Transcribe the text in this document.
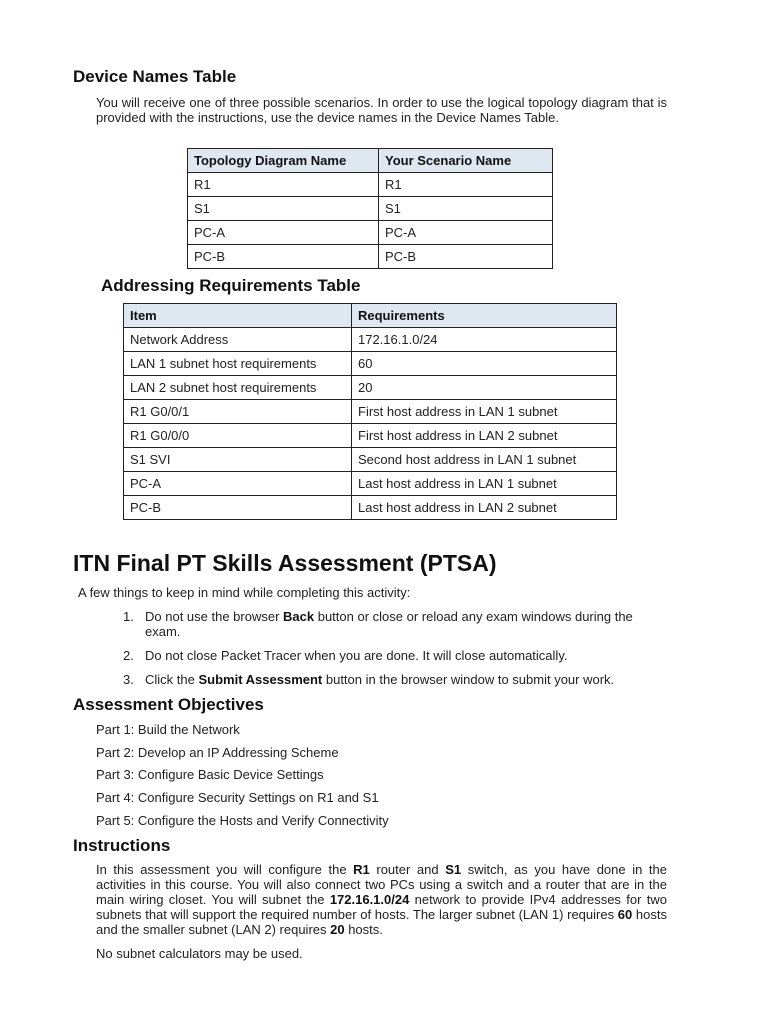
Device Names Table

You will receive one of three possible scenarios. In order to use the logical topology diagram that is provided with the instructions, use the device names in the Device Names Table.

Topology Diagram Name	Your Scenario Name
R1	R1
S1	S1
PC-A	PC-A
PC-B	PC-B
Addressing Requirements Table
Item	Requirements
Network Address	172.16.1.0/24
LAN 1 subnet host requirements	60
LAN 2 subnet host requirements	20
R1 G0/0/1	First host address in LAN 1 subnet
R1 G0/0/0	First host address in LAN 2 subnet
S1 SVI	Second host address in LAN 1 subnet
PC-A	Last host address in LAN 1 subnet
PC-B	Last host address in LAN 2 subnet
ITN Final PT Skills Assessment (PTSA)

A few things to keep in mind while completing this activity:

1. Do not use the browser Back button or close or reload any exam windows during the exam.
2. Do not close Packet Tracer when you are done. It will close automatically.
3. Click the Submit Assessment button in the browser window to submit your work.
Assessment Objectives
Part 1: Build the Network
Part 2: Develop an IP Addressing Scheme
Part 3: Configure Basic Device Settings
Part 4: Configure Security Settings on R1 and S1
Part 5: Configure the Hosts and Verify Connectivity
Instructions

In this assessment you will configure the R1 router and S1 switch, as you have done in the activities in this course. You will also connect two PCs using a switch and a router that are in the main wiring closet. You will subnet the 172.16.1.0/24 network to provide IPv4 addresses for two subnets that will support the required number of hosts. The larger subnet (LAN 1) requires 60 hosts and the smaller subnet (LAN 2) requires 20 hosts.

No subnet calculators may be used.
